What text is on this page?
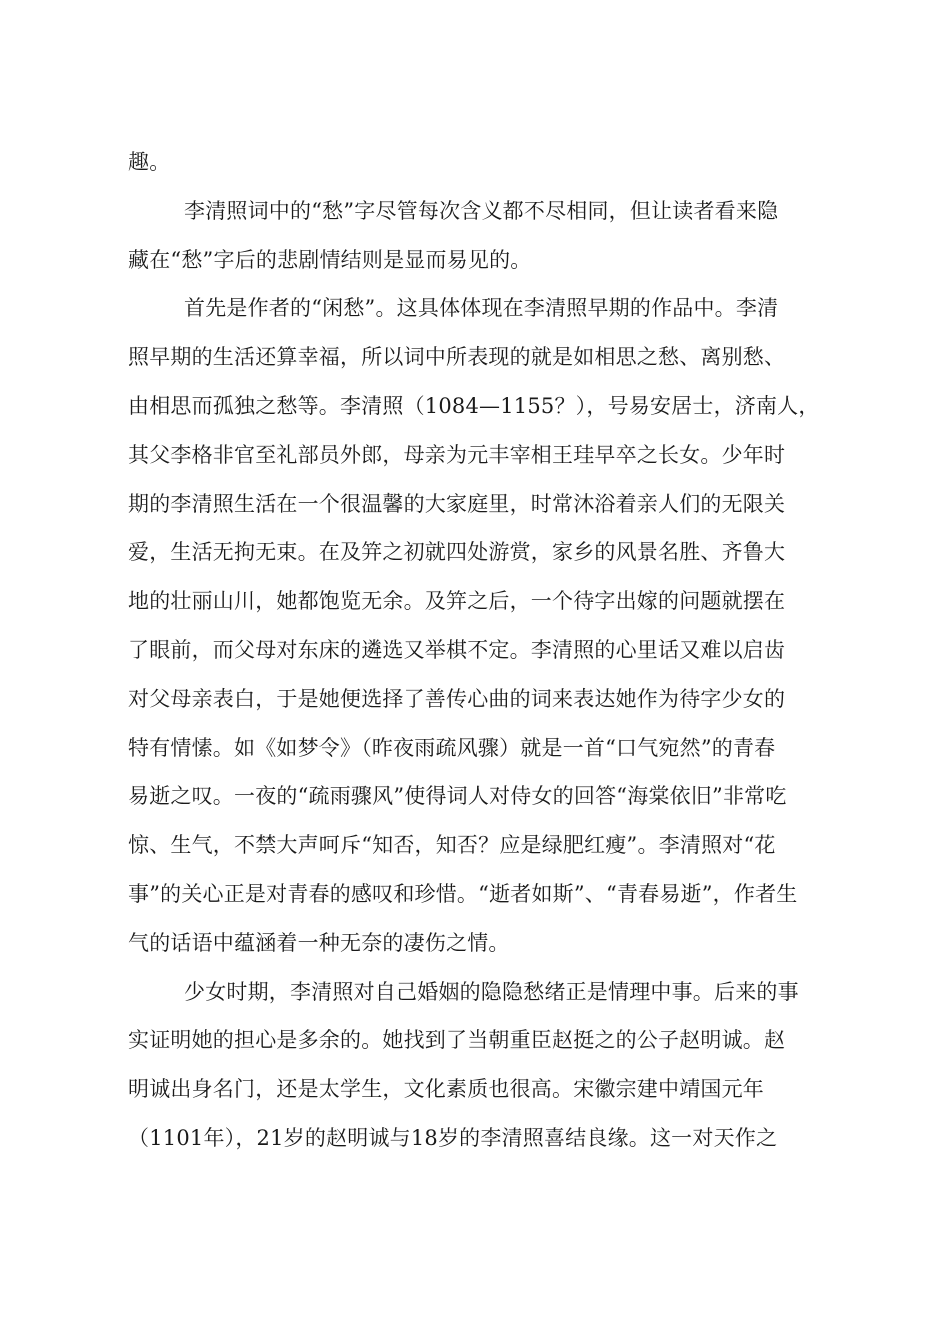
趣。
李清照词中的“愁”字尽管每次含义都不尽相同，但让读者看来隐
藏在“愁”字后的悲剧情结则是显而易见的。
首先是作者的“闲愁”。这具体体现在李清照早期的作品中。李清
照早期的生活还算幸福，所以词中所表现的就是如相思之愁、离别愁、
由相思而孤独之愁等。李清照（1084—1155？），号易安居士，济南人，
其父李格非官至礼部员外郎，母亲为元丰宰相王珪早卒之长女。少年时
期的李清照生活在一个很温馨的大家庭里，时常沐浴着亲人们的无限关
爱，生活无拘无束。在及笄之初就四处游赏，家乡的风景名胜、齐鲁大
地的壮丽山川，她都饱览无余。及笄之后，一个待字出嫁的问题就摆在
了眼前，而父母对东床的遴选又举棋不定。李清照的心里话又难以启齿
对父母亲表白，于是她便选择了善传心曲的词来表达她作为待字少女的
特有情愫。如《如梦令》（昨夜雨疏风骤）就是一首“口气宛然”的青春
易逝之叹。一夜的“疏雨骤风”使得词人对侍女的回答“海棠依旧”非常吃
惊、生气，不禁大声呵斥“知否，知否？应是绿肥红瘦”。李清照对“花
事”的关心正是对青春的感叹和珍惜。“逝者如斯”、“青春易逝”，作者生
气的话语中蕴涵着一种无奈的凄伤之情。
少女时期，李清照对自己婚姻的隐隐愁绪正是情理中事。后来的事
实证明她的担心是多余的。她找到了当朝重臣赵挺之的公子赵明诚。赵
明诚出身名门，还是太学生，文化素质也很高。宋徽宗建中靖国元年
（1101年），21岁的赵明诚与18岁的李清照喜结良缘。这一对天作之
